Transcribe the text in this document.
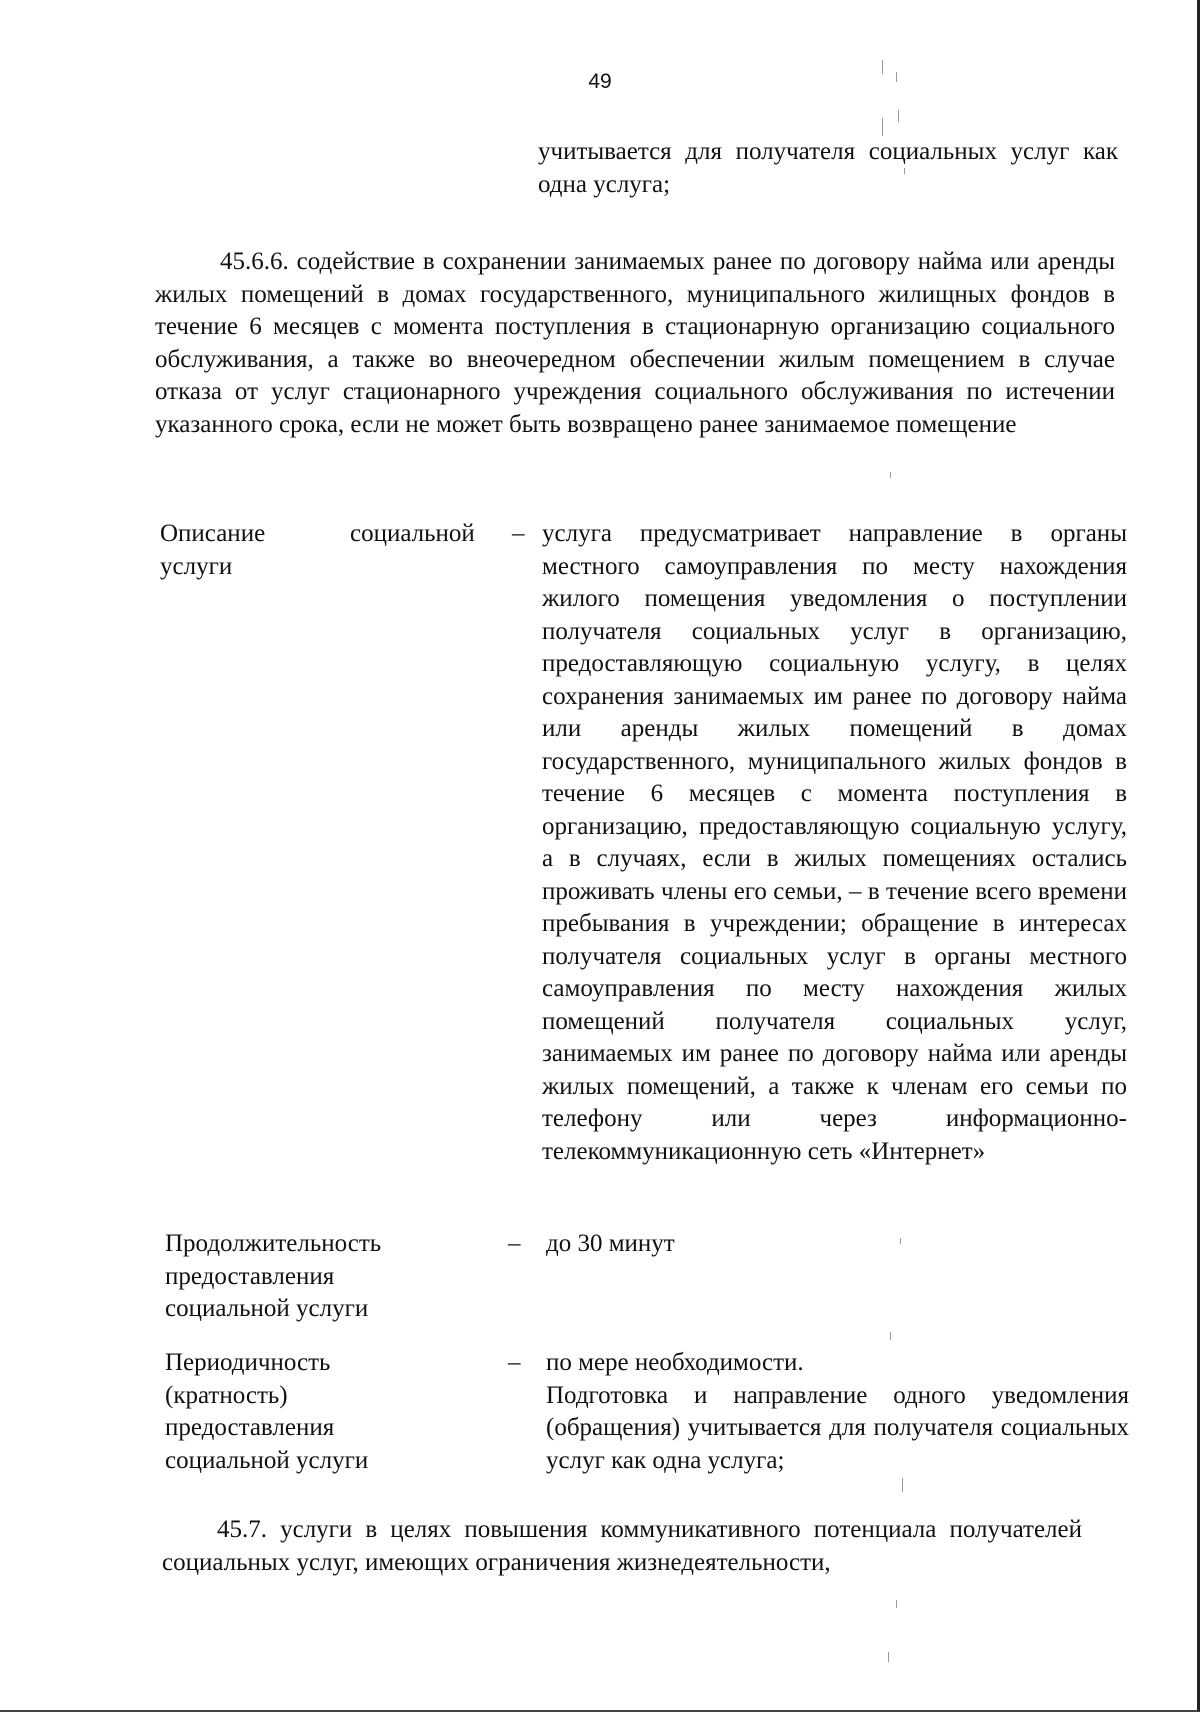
49

учитывается для получателя социальных услуг как одна услуга;

45.6.6. содействие в сохранении занимаемых ранее по договору найма или аренды жилых помещений в домах государственного, муниципального жилищных фондов в течение 6 месяцев с момента поступления в стационарную организацию социального обслуживания, а также во внеочередном обеспечении жилым помещением в случае отказа от услуг стационарного учреждения социального обслуживания по истечении указанного срока, если не может быть возвращено ранее занимаемое помещение

Описание	социальной
услуги
– услуга предусматривает направление в органы местного самоуправления по месту нахождения жилого помещения уведомления о поступлении получателя социальных услуг в организацию, предоставляющую социальную услугу, в целях сохранения занимаемых им ранее по договору найма или аренды жилых помещений в домах государственного, муниципального жилых фондов в течение 6 месяцев с момента поступления в организацию, предоставляющую социальную услугу, а в случаях, если в жилых помещениях остались проживать члены его семьи, – в течение всего времени пребывания в учреждении; обращение в интересах получателя социальных услуг в органы местного самоуправления по месту нахождения жилых помещений получателя социальных услуг, занимаемых им ранее по договору найма или аренды жилых помещений, а также к членам его семьи по телефону или через информационно-телекоммуникационную сеть «Интернет»

Продолжительность
предоставления
социальной услуги
– до 30 минут
Периодичность
(кратность)
предоставления
социальной услуги
– по мере необходимости.
Подготовка и направление одного уведомления (обращения) учитывается для получателя социальных услуг как одна услуга;

45.7. услуги в целях повышения коммуникативного потенциала получателей социальных услуг, имеющих ограничения жизнедеятельности,
